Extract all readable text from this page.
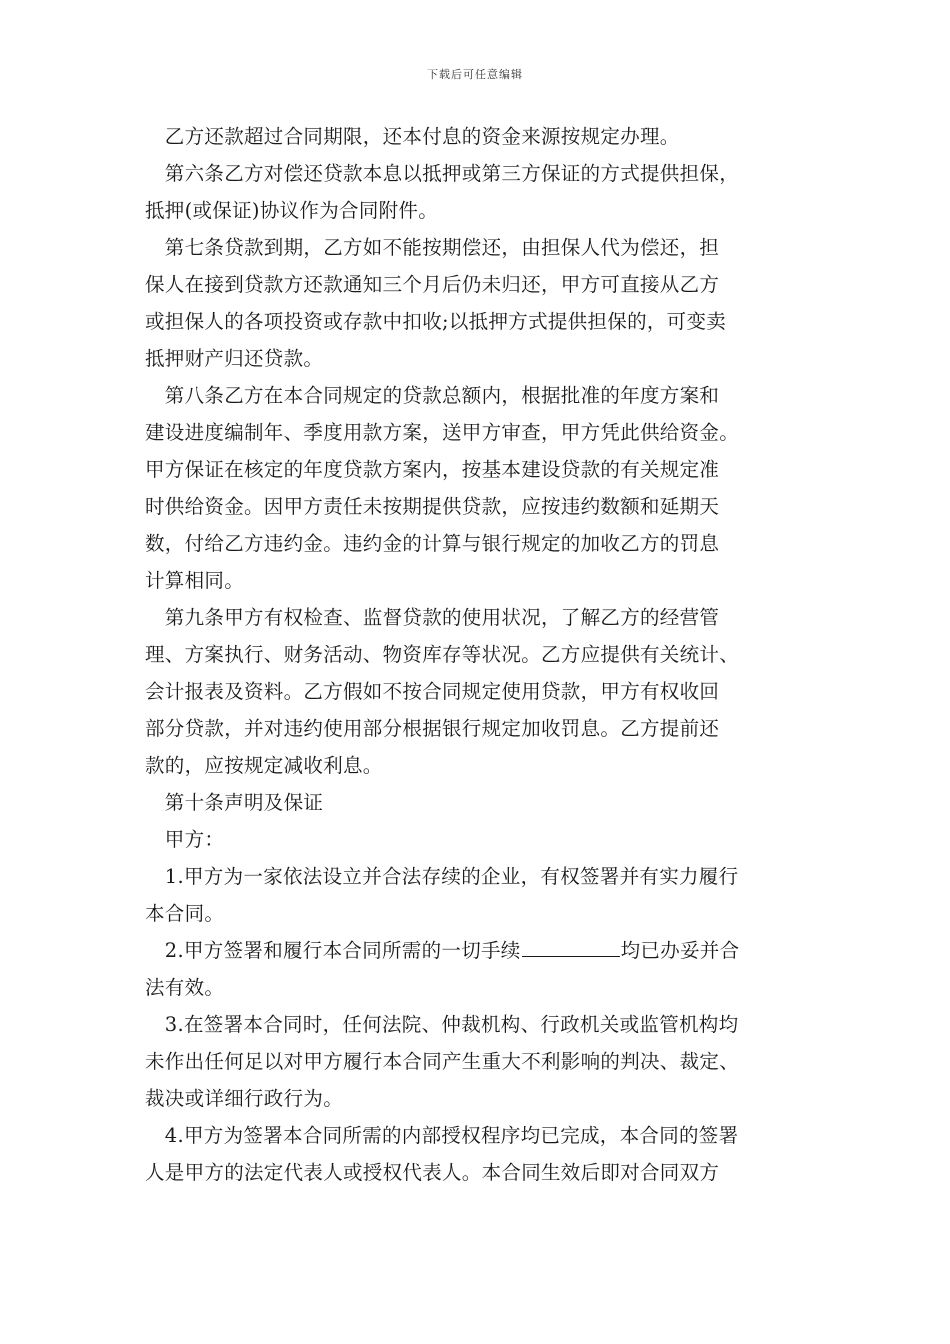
下载后可任意编辑
　乙方还款超过合同期限，还本付息的资金来源按规定办理。
　第六条乙方对偿还贷款本息以抵押或第三方保证的方式提供担保，
抵押(或保证)协议作为合同附件。
　第七条贷款到期，乙方如不能按期偿还，由担保人代为偿还，担
保人在接到贷款方还款通知三个月后仍未归还，甲方可直接从乙方
或担保人的各项投资或存款中扣收;以抵押方式提供担保的，可变卖
抵押财产归还贷款。
　第八条乙方在本合同规定的贷款总额内，根据批准的年度方案和
建设进度编制年、季度用款方案，送甲方审查，甲方凭此供给资金。
甲方保证在核定的年度贷款方案内，按基本建设贷款的有关规定准
时供给资金。因甲方责任未按期提供贷款，应按违约数额和延期天
数，付给乙方违约金。违约金的计算与银行规定的加收乙方的罚息
计算相同。
　第九条甲方有权检查、监督贷款的使用状况，了解乙方的经营管
理、方案执行、财务活动、物资库存等状况。乙方应提供有关统计、
会计报表及资料。乙方假如不按合同规定使用贷款，甲方有权收回
部分贷款，并对违约使用部分根据银行规定加收罚息。乙方提前还
款的，应按规定减收利息。
　第十条声明及保证
　甲方：
　1.甲方为一家依法设立并合法存续的企业，有权签署并有实力履行
本合同。
　2.甲方签署和履行本合同所需的一切手续	均已办妥并合
法有效。
　3.在签署本合同时，任何法院、仲裁机构、行政机关或监管机构均
未作出任何足以对甲方履行本合同产生重大不利影响的判决、裁定、
裁决或详细行政行为。
　4.甲方为签署本合同所需的内部授权程序均已完成，本合同的签署
人是甲方的法定代表人或授权代表人。本合同生效后即对合同双方
